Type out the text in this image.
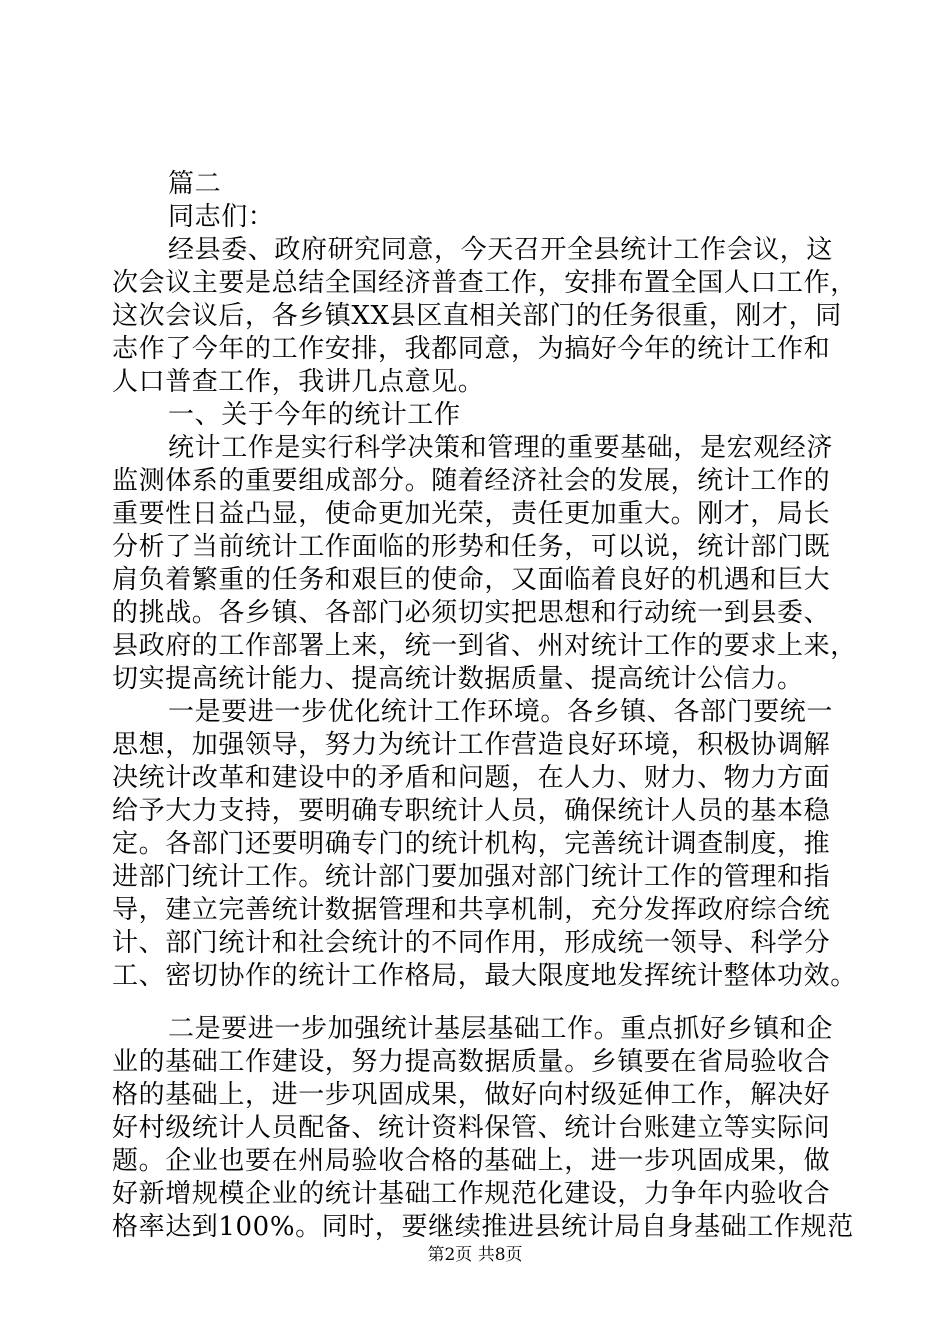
篇二
同志们：
经县委、政府研究同意，今天召开全县统计工作会议，这
次会议主要是总结全国经济普查工作，安排布置全国人口工作，
这次会议后，各乡镇XX县区直相关部门的任务很重，刚才，同
志作了今年的工作安排，我都同意，为搞好今年的统计工作和
人口普查工作，我讲几点意见。
一、关于今年的统计工作
统计工作是实行科学决策和管理的重要基础，是宏观经济
监测体系的重要组成部分。随着经济社会的发展，统计工作的
重要性日益凸显，使命更加光荣，责任更加重大。刚才，局长
分析了当前统计工作面临的形势和任务，可以说，统计部门既
肩负着繁重的任务和艰巨的使命，又面临着良好的机遇和巨大
的挑战。各乡镇、各部门必须切实把思想和行动统一到县委、
县政府的工作部署上来，统一到省、州对统计工作的要求上来，
切实提高统计能力、提高统计数据质量、提高统计公信力。
一是要进一步优化统计工作环境。各乡镇、各部门要统一
思想，加强领导，努力为统计工作营造良好环境，积极协调解
决统计改革和建设中的矛盾和问题，在人力、财力、物力方面
给予大力支持，要明确专职统计人员，确保统计人员的基本稳
定。各部门还要明确专门的统计机构，完善统计调查制度，推
进部门统计工作。统计部门要加强对部门统计工作的管理和指
导，建立完善统计数据管理和共享机制，充分发挥政府综合统
计、部门统计和社会统计的不同作用，形成统一领导、科学分
工、密切协作的统计工作格局，最大限度地发挥统计整体功效。
二是要进一步加强统计基层基础工作。重点抓好乡镇和企
业的基础工作建设，努力提高数据质量。乡镇要在省局验收合
格的基础上，进一步巩固成果，做好向村级延伸工作，解决好
好村级统计人员配备、统计资料保管、统计台账建立等实际问
题。企业也要在州局验收合格的基础上，进一步巩固成果，做
好新增规模企业的统计基础工作规范化建设，力争年内验收合
格率达到100%。同时，要继续推进县统计局自身基础工作规范
第2页 共8页
